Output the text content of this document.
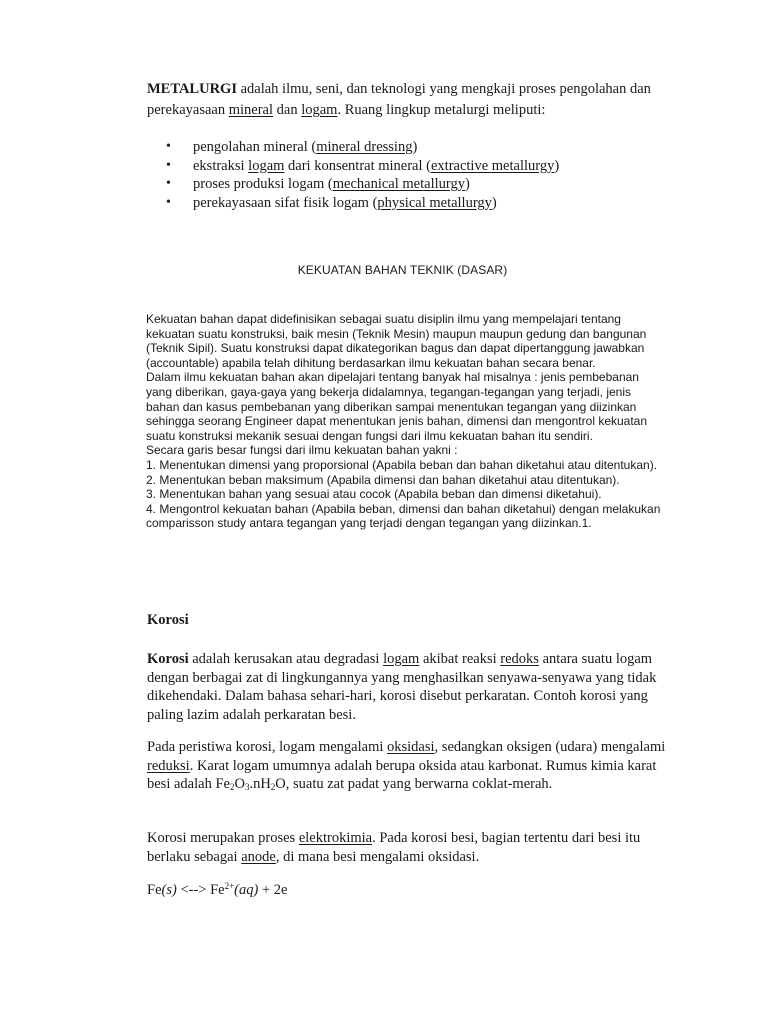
METALURGI adalah ilmu, seni, dan teknologi yang mengkaji proses pengolahan dan perekayasaan mineral dan logam. Ruang lingkup metalurgi meliputi:

• pengolahan mineral (mineral dressing)
• ekstraksi logam dari konsentrat mineral (extractive metallurgy)
• proses produksi logam (mechanical metallurgy)
• perekayasaan sifat fisik logam (physical metallurgy)
KEKUATAN BAHAN TEKNIK (DASAR)

Kekuatan bahan dapat didefinisikan sebagai suatu disiplin ilmu yang mempelajari tentang kekuatan suatu konstruksi, baik mesin (Teknik Mesin) maupun maupun gedung dan bangunan (Teknik Sipil). Suatu konstruksi dapat dikategorikan bagus dan dapat dipertanggung jawabkan (accountable) apabila telah dihitung berdasarkan ilmu kekuatan bahan secara benar.

Dalam ilmu kekuatan bahan akan dipelajari tentang banyak hal misalnya : jenis pembebanan yang diberikan, gaya-gaya yang bekerja didalamnya, tegangan-tegangan yang terjadi, jenis bahan dan kasus pembebanan yang diberikan sampai menentukan tegangan yang diizinkan sehingga seorang Engineer dapat menentukan jenis bahan, dimensi dan mengontrol kekuatan suatu konstruksi mekanik sesuai dengan fungsi dari ilmu kekuatan bahan itu sendiri.

Secara garis besar fungsi dari ilmu kekuatan bahan yakni :

1. Menentukan dimensi yang proporsional (Apabila beban dan bahan diketahui atau ditentukan).

2. Menentukan beban maksimum (Apabila dimensi dan bahan diketahui atau ditentukan).

3. Menentukan bahan yang sesuai atau cocok (Apabila beban dan dimensi diketahui).

4. Mengontrol kekuatan bahan (Apabila beban, dimensi dan bahan diketahui) dengan melakukan comparisson study antara tegangan yang terjadi dengan tegangan yang diizinkan.1.

Korosi

Korosi adalah kerusakan atau degradasi logam akibat reaksi redoks antara suatu logam dengan berbagai zat di lingkungannya yang menghasilkan senyawa-senyawa yang tidak dikehendaki. Dalam bahasa sehari-hari, korosi disebut perkaratan. Contoh korosi yang paling lazim adalah perkaratan besi.

Pada peristiwa korosi, logam mengalami oksidasi, sedangkan oksigen (udara) mengalami reduksi. Karat logam umumnya adalah berupa oksida atau karbonat. Rumus kimia karat besi adalah $Fe_2O_3.nH_2O$, suatu zat padat yang berwarna coklat-merah.

Korosi merupakan proses elektrokimia. Pada korosi besi, bagian tertentu dari besi itu berlaku sebagai anode, di mana besi mengalami oksidasi.

Fe(s) <--> $Fe^{2+}(aq) + 2e$
